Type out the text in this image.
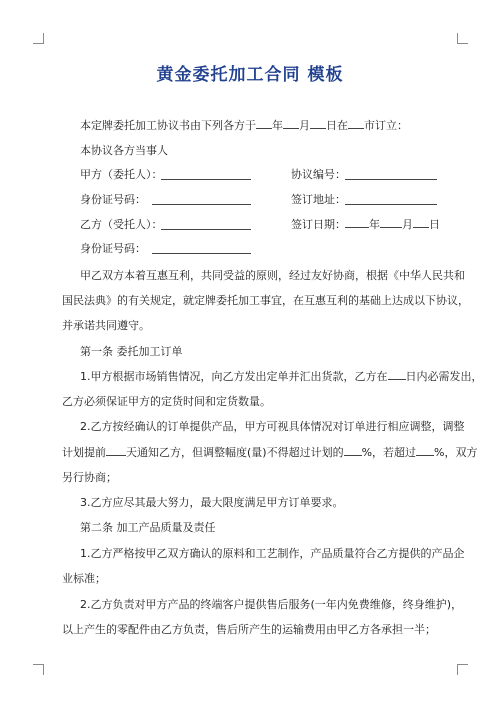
黄金委托加工合同 模板
本定牌委托加工协议书由下列各方于 年 月 日在 市订立：
本协议各方当事人
甲方（委托人）：	协议编号：
身份证号码：	签订地址：
乙方（受托人）：	签订日期：	年 月 日
身份证号码：
甲乙双方本着互惠互利，共同受益的原则，经过友好协商，根据《中华人民共和
国民法典》的有关规定，就定牌委托加工事宜，在互惠互利的基础上达成以下协议，
并承诺共同遵守。
第一条 委托加工订单
1.甲方根据市场销售情况，向乙方发出定单并汇出货款，乙方在 日内必需发出，
乙方必须保证甲方的定货时间和定货数量。
2.乙方按经确认的订单提供产品，甲方可视具体情况对订单进行相应调整，调整
计划提前 天通知乙方，但调整幅度(量)不得超过计划的 %，若超过 %，双方
另行协商；
3.乙方应尽其最大努力，最大限度满足甲方订单要求。
第二条 加工产品质量及责任
1.乙方严格按甲乙双方确认的原料和工艺制作，产品质量符合乙方提供的产品企
业标准；
2.乙方负责对甲方产品的终端客户提供售后服务(一年内免费维修，终身维护)，
以上产生的零配件由乙方负责，售后所产生的运输费用由甲乙方各承担一半；
